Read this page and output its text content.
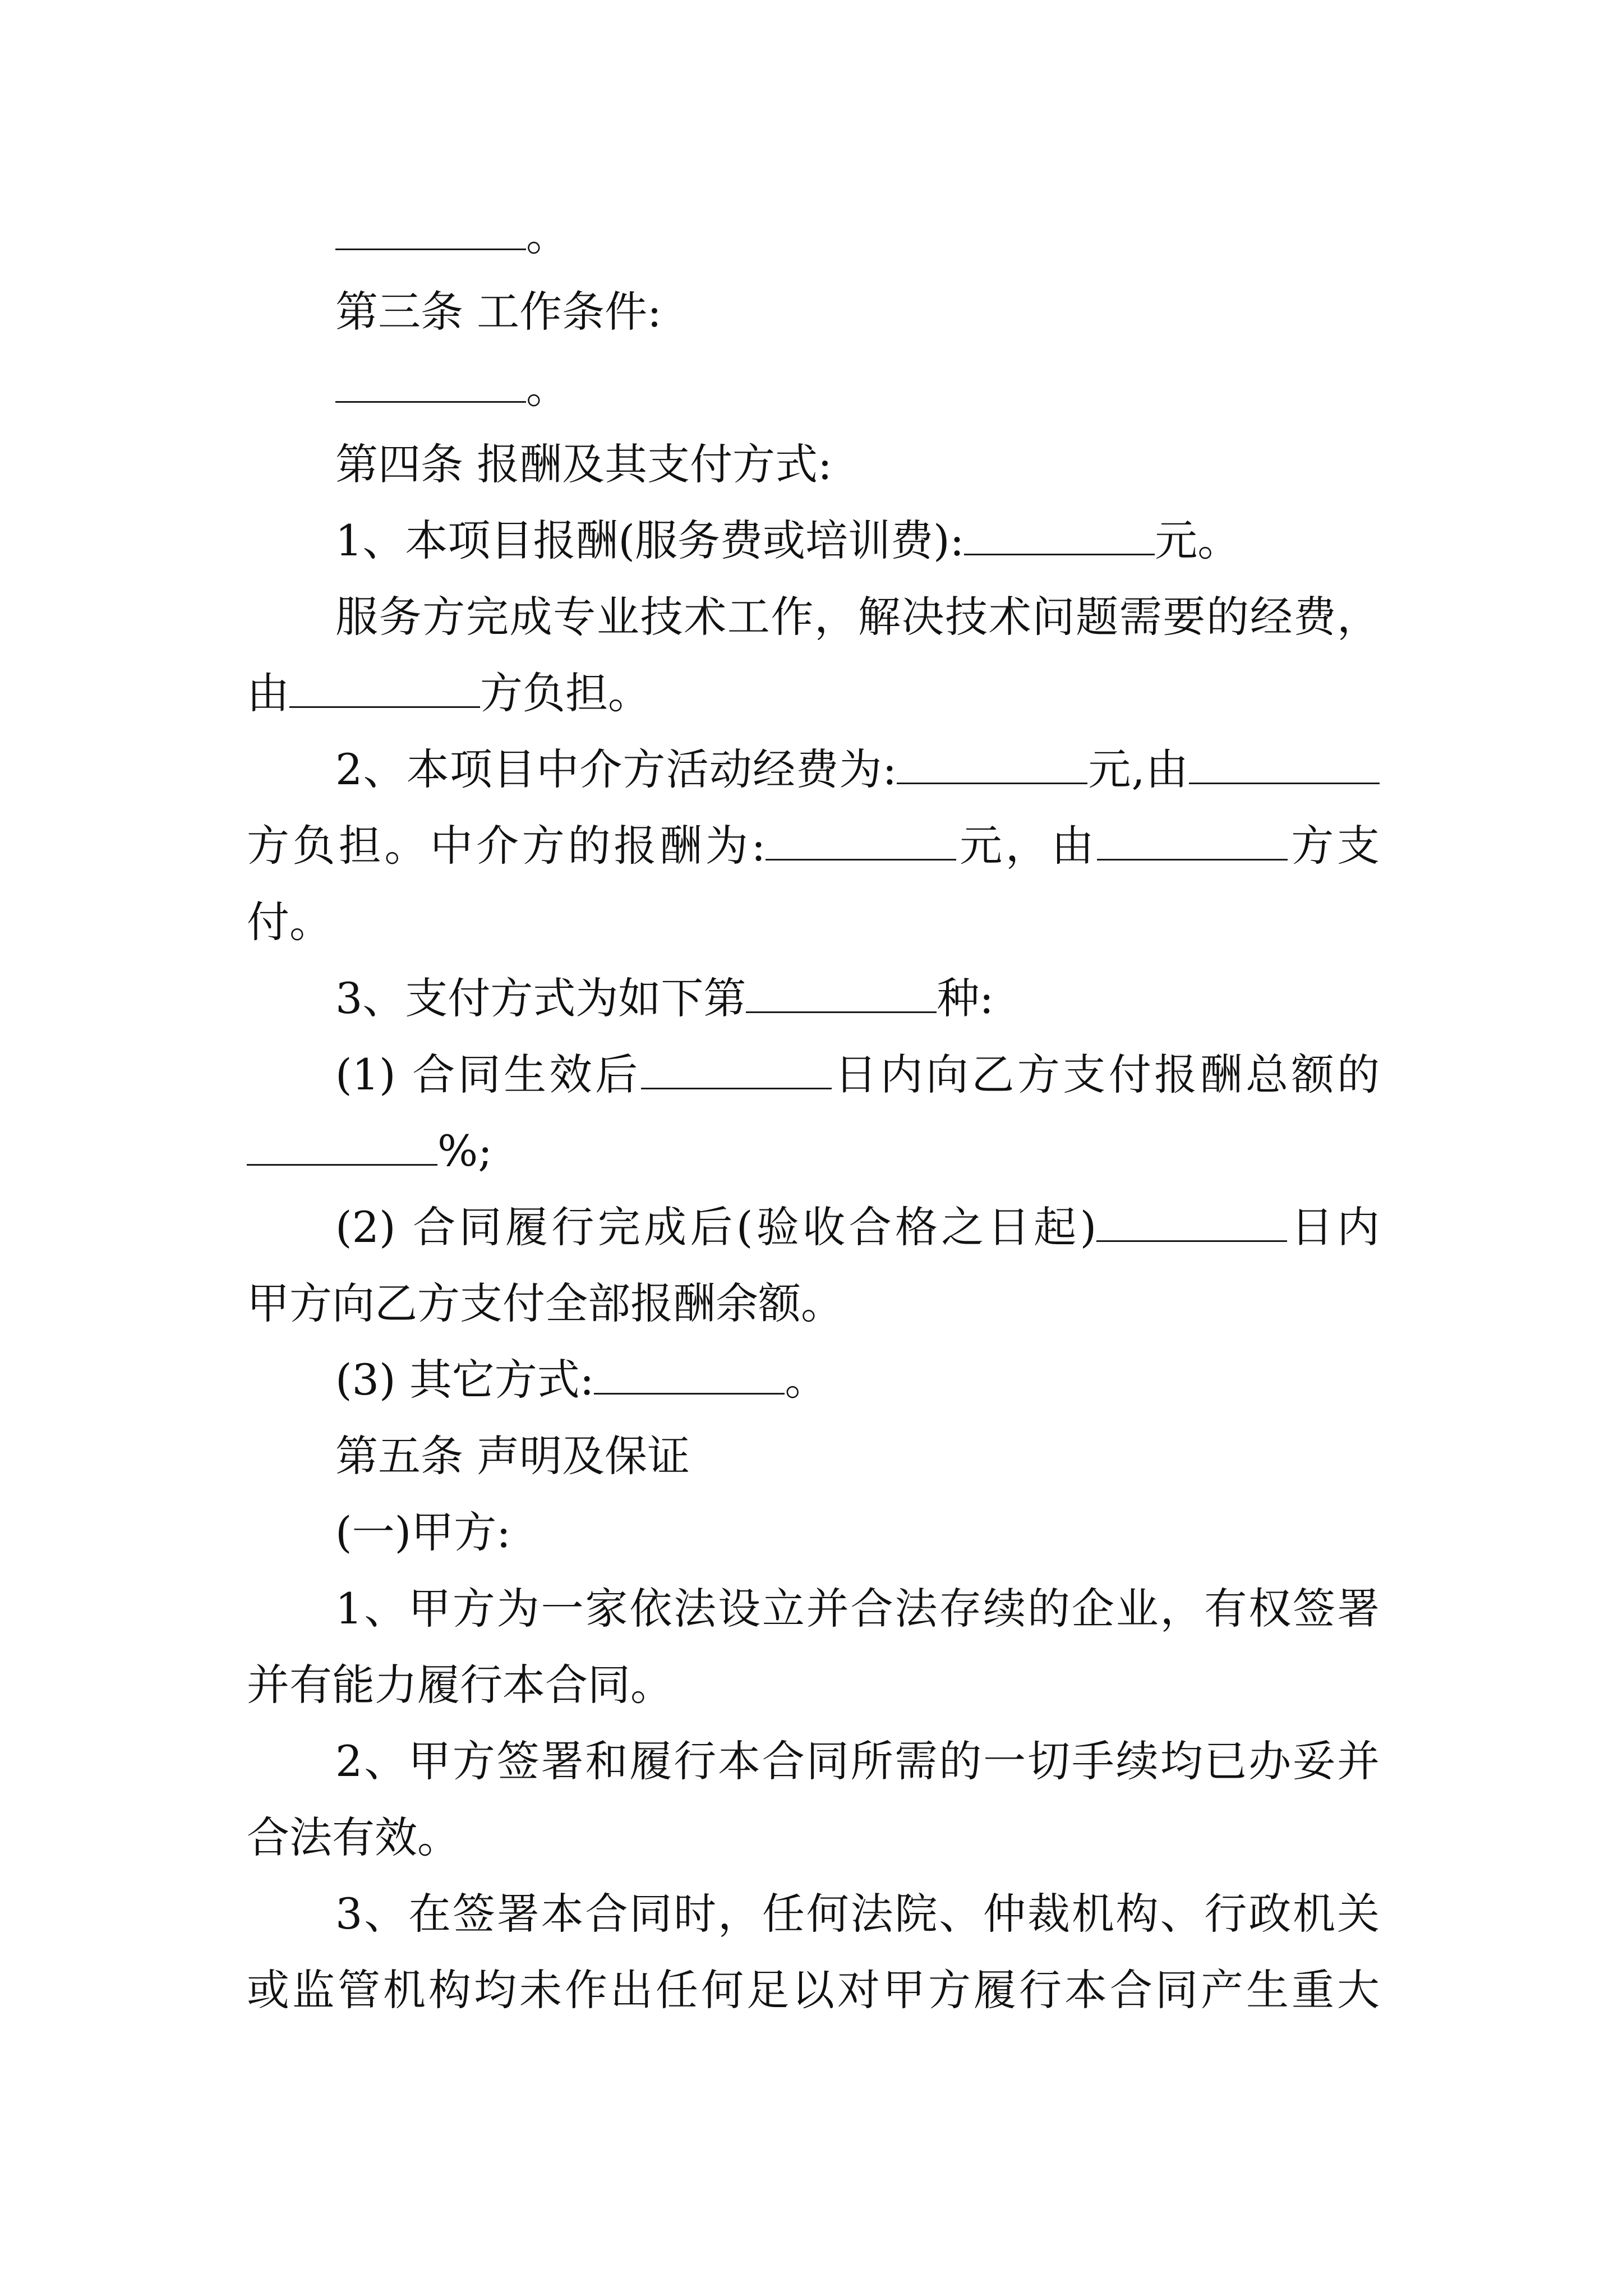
。
第三条 工作条件:
。
第四条 报酬及其支付方式:
1、本项目报酬(服务费或培训费):	元。
服务方完成专业技术工作，解决技术问题需要的经费，
由	方负担。
2、本项目中介方活动经费为:	元,由
方负担。中介方的报酬为:	元，由	方支
付。
3、支付方式为如下第	种:
(1) 合同生效后	日内向乙方支付报酬总额的
%;
(2) 合同履行完成后(验收合格之日起)	日内
甲方向乙方支付全部报酬余额。
(3) 其它方式:	。
第五条 声明及保证
(一)甲方:
1、甲方为一家依法设立并合法存续的企业，有权签署
并有能力履行本合同。
2、甲方签署和履行本合同所需的一切手续均已办妥并
合法有效。
3、在签署本合同时，任何法院、仲裁机构、行政机关
或监管机构均未作出任何足以对甲方履行本合同产生重大
